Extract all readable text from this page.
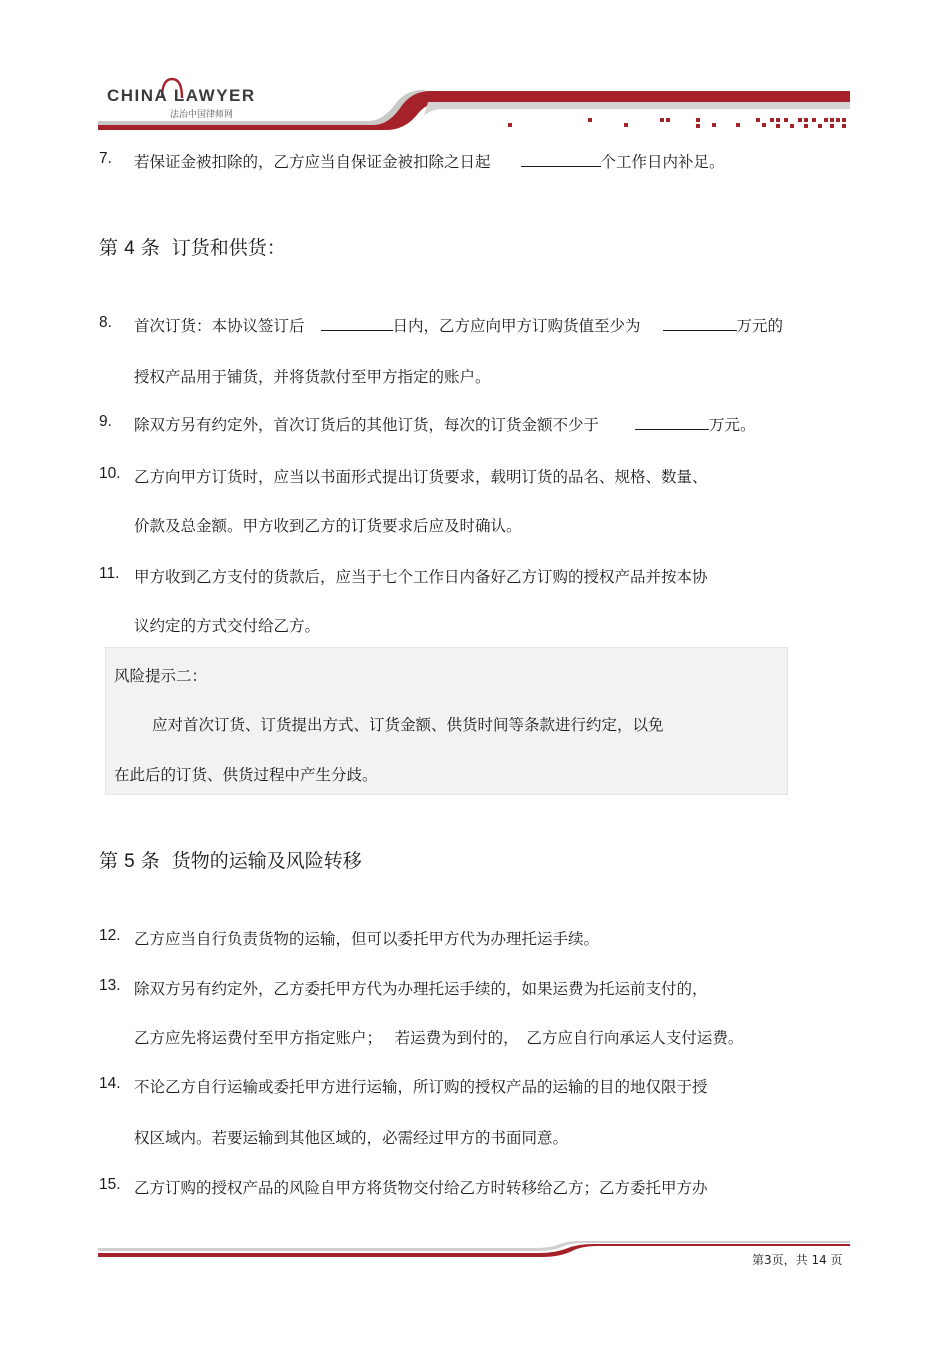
CHINA LAWYER
法治中国律师网
7. 若保证金被扣除的，乙方应当自保证金被扣除之日起	个工作日内补足。
第 4 条 订货和供货：
8. 首次订货：本协议签订后	日内，乙方应向甲方订购货值至少为	万元的
授权产品用于铺货，并将货款付至甲方指定的账户。
9. 除双方另有约定外，首次订货后的其他订货，每次的订货金额不少于	万元。
10. 乙方向甲方订货时，应当以书面形式提出订货要求，载明订货的品名、规格、数量、
价款及总金额。甲方收到乙方的订货要求后应及时确认。
11. 甲方收到乙方支付的货款后，应当于七个工作日内备好乙方订购的授权产品并按本协
议约定的方式交付给乙方。
风险提示二：
应对首次订货、订货提出方式、订货金额、供货时间等条款进行约定，以免
在此后的订货、供货过程中产生分歧。
第 5 条 货物的运输及风险转移
12. 乙方应当自行负责货物的运输，但可以委托甲方代为办理托运手续。
13. 除双方另有约定外，乙方委托甲方代为办理托运手续的，如果运费为托运前支付的，
乙方应先将运费付至甲方指定账户；　 若运费为到付的，　乙方应自行向承运人支付运费。
14. 不论乙方自行运输或委托甲方进行运输，所订购的授权产品的运输的目的地仅限于授
权区域内。若要运输到其他区域的，必需经过甲方的书面同意。
15. 乙方订购的授权产品的风险自甲方将货物交付给乙方时转移给乙方；乙方委托甲方办
第3页，共 14 页
